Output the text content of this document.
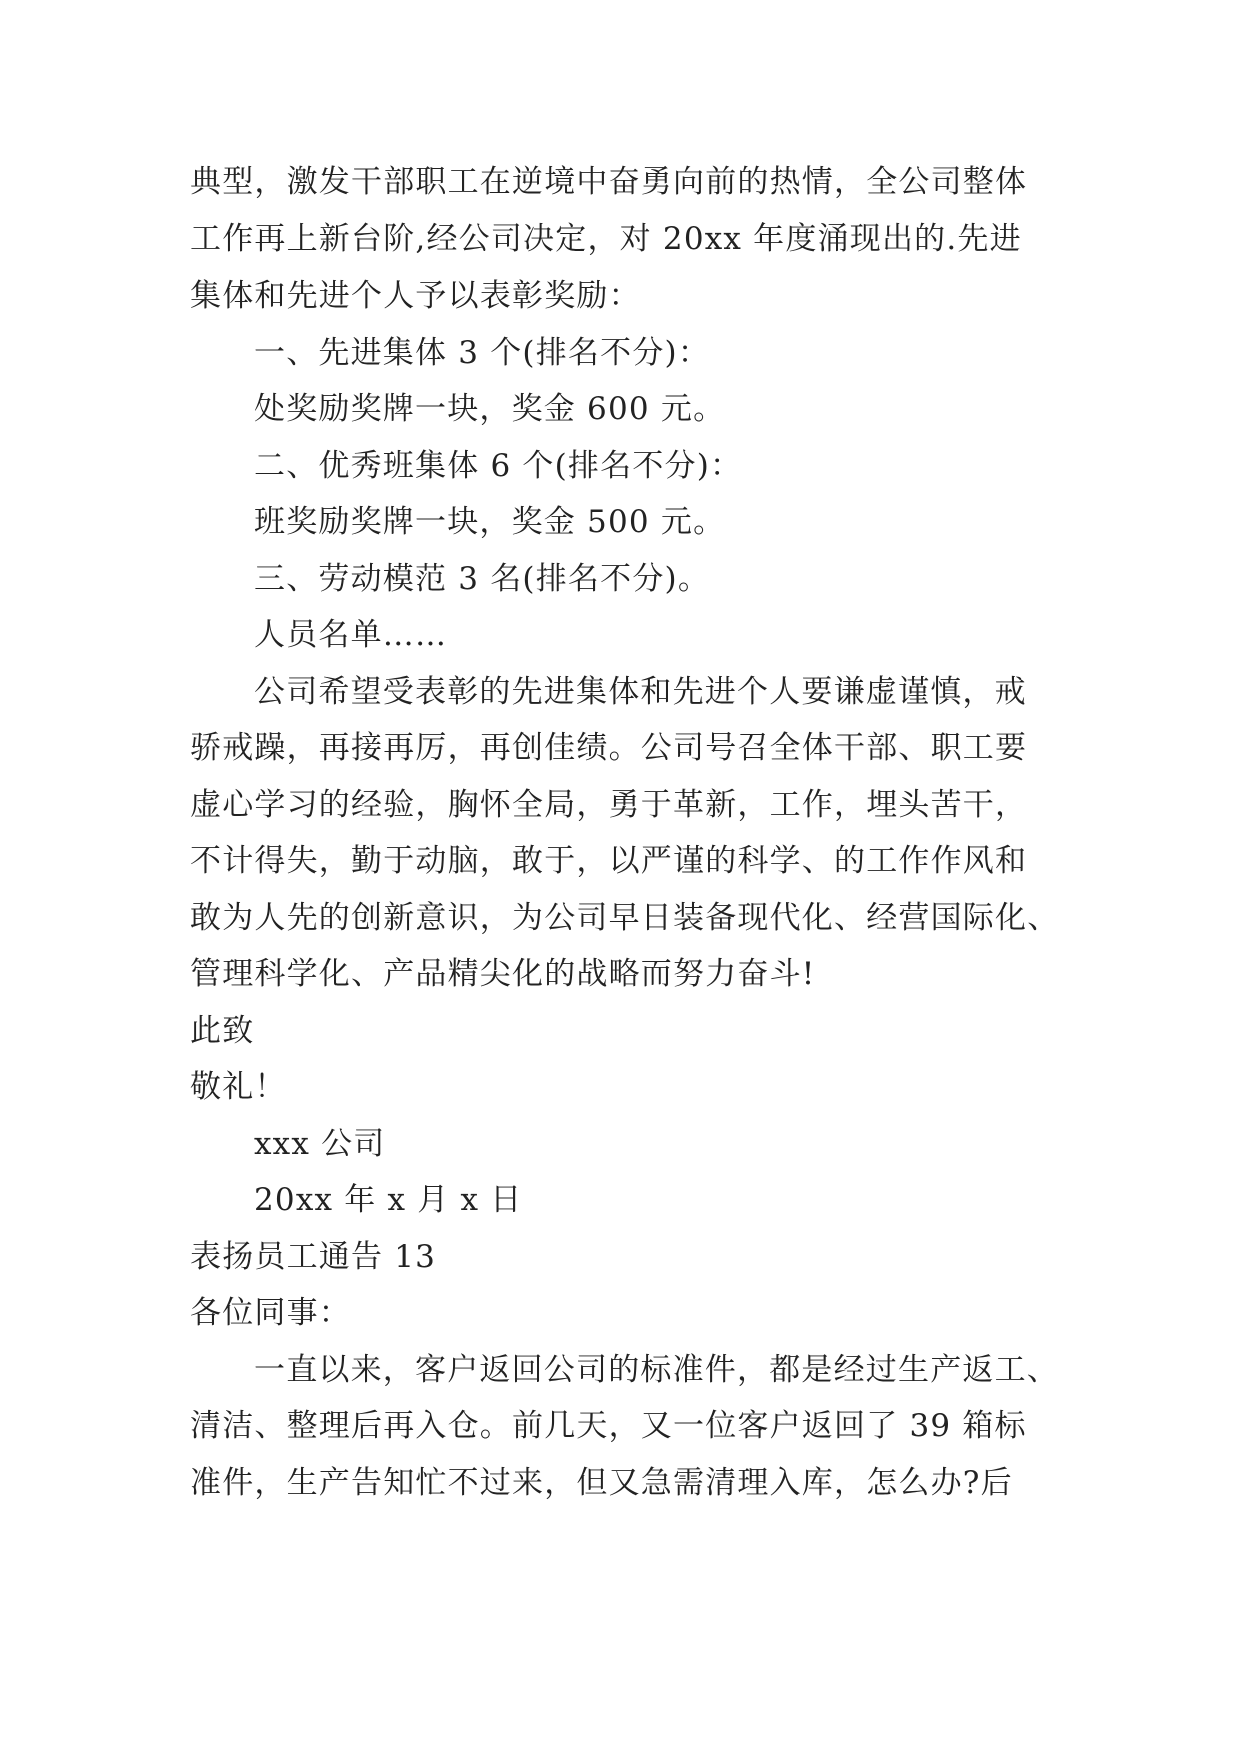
典型，激发干部职工在逆境中奋勇向前的热情，全公司整体
工作再上新台阶,经公司决定，对 20xx 年度涌现出的.先进
集体和先进个人予以表彰奖励：
一、先进集体 3 个(排名不分)：
处奖励奖牌一块，奖金 600 元。
二、优秀班集体 6 个(排名不分)：
班奖励奖牌一块，奖金 500 元。
三、劳动模范 3 名(排名不分)。
人员名单……
公司希望受表彰的先进集体和先进个人要谦虚谨慎，戒
骄戒躁，再接再厉，再创佳绩。公司号召全体干部、职工要
虚心学习的经验，胸怀全局，勇于革新，工作，埋头苦干，
不计得失，勤于动脑，敢于，以严谨的科学、的工作作风和
敢为人先的创新意识，为公司早日装备现代化、经营国际化、
管理科学化、产品精尖化的战略而努力奋斗!
此致
敬礼！
xxx 公司
20xx 年 x 月 x 日
表扬员工通告 13
各位同事：
一直以来，客户返回公司的标准件，都是经过生产返工、
清洁、整理后再入仓。前几天，又一位客户返回了 39 箱标
准件，生产告知忙不过来，但又急需清理入库，怎么办?后
